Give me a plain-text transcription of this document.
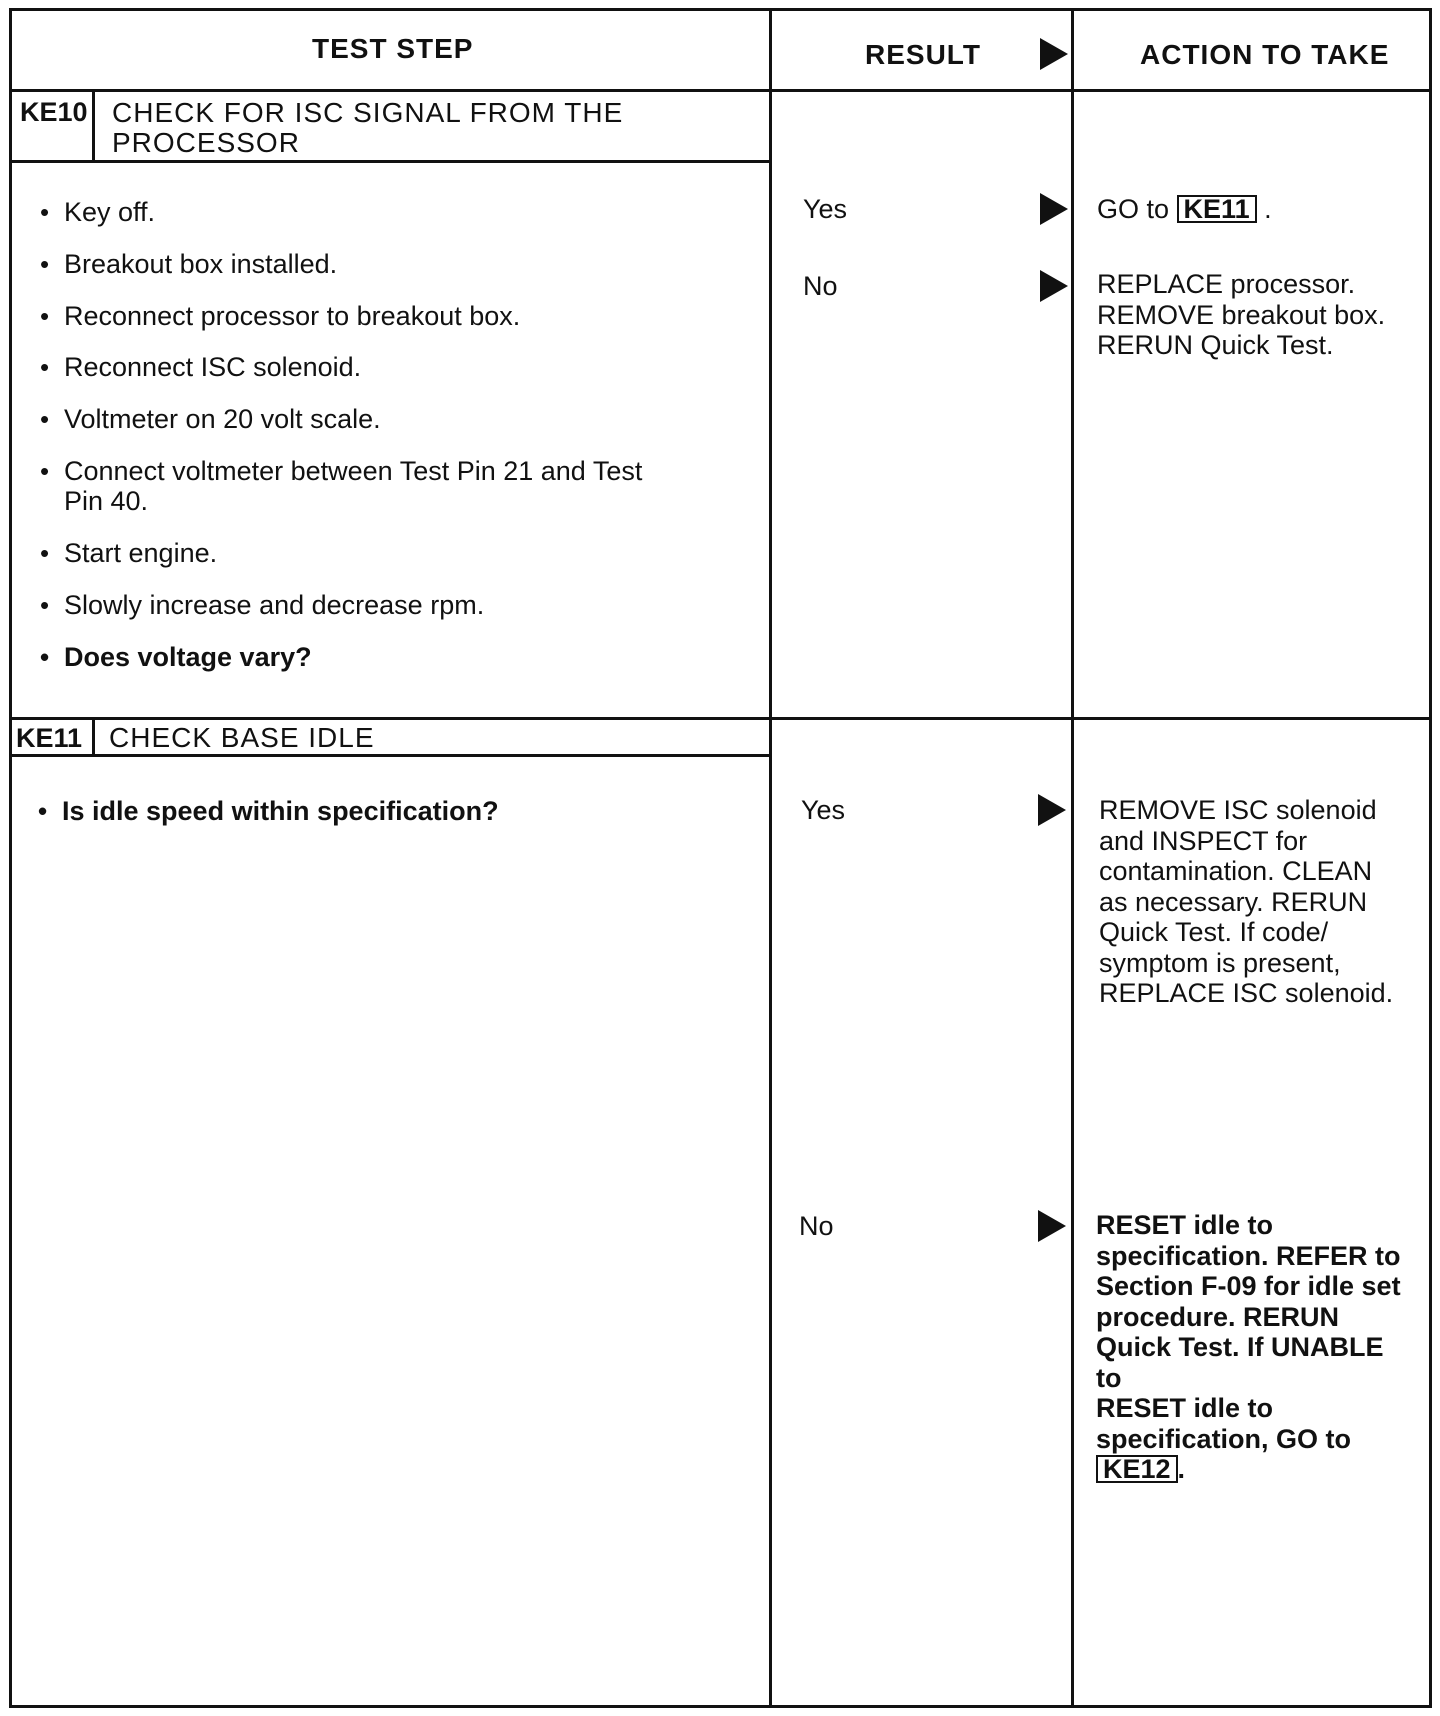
TEST STEP	RESULT	ACTION TO TAKE
KE10 CHECK FOR ISC SIGNAL FROM THE
PROCESSOR
• Key off.
• Breakout box installed.
• Reconnect processor to breakout box.
• Reconnect ISC solenoid.
• Voltmeter on 20 volt scale.
• Connect voltmeter between Test Pin 21 and Test
Pin 40.
• Start engine.
• Slowly increase and decrease rpm.
• Does voltage vary?
Yes	GO to KE11 .
No	REPLACE processor.
REMOVE breakout box.
RERUN Quick Test.
KE11 CHECK BASE IDLE
• Is idle speed within specification?	Yes	REMOVE ISC solenoid
and INSPECT for
contamination. CLEAN
as necessary. RERUN
Quick Test. If code/
symptom is present,
REPLACE ISC solenoid.
No	RESET idle to
specification. REFER to
Section F-09 for idle set
procedure. RERUN
Quick Test. If UNABLE to
RESET idle to
specification, GO to
KE12 .
